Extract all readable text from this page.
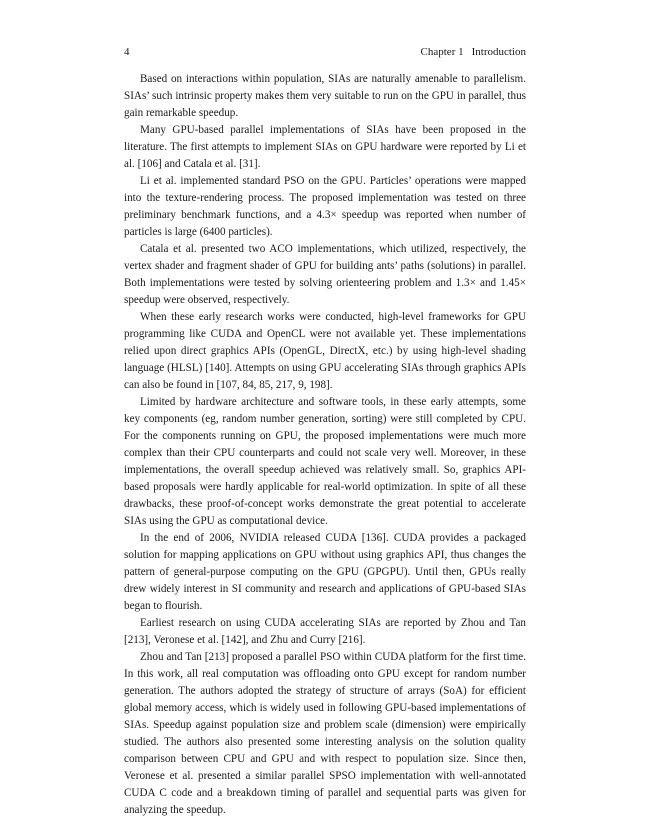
4	Chapter 1 Introduction

Based on interactions within population, SIAs are naturally amenable to parallelism. SIAs’ such intrinsic property makes them very suitable to run on the GPU in parallel, thus gain remarkable speedup.

Many GPU-based parallel implementations of SIAs have been proposed in the literature. The first attempts to implement SIAs on GPU hardware were reported by Li et al. [106] and Catala et al. [31].

Li et al. implemented standard PSO on the GPU. Particles’ operations were mapped into the texture-rendering process. The proposed implementation was tested on three preliminary benchmark functions, and a 4.3× speedup was reported when number of particles is large (6400 particles).

Catala et al. presented two ACO implementations, which utilized, respectively, the vertex shader and fragment shader of GPU for building ants’ paths (solutions) in parallel. Both implementations were tested by solving orienteering problem and 1.3× and 1.45× speedup were observed, respectively.

When these early research works were conducted, high-level frameworks for GPU programming like CUDA and OpenCL were not available yet. These implementations relied upon direct graphics APIs (OpenGL, DirectX, etc.) by using high-level shading language (HLSL) [140]. Attempts on using GPU accelerating SIAs through graphics APIs can also be found in [107, 84, 85, 217, 9, 198].

Limited by hardware architecture and software tools, in these early attempts, some key components (eg, random number generation, sorting) were still completed by CPU. For the components running on GPU, the proposed implementations were much more complex than their CPU counterparts and could not scale very well. Moreover, in these implementations, the overall speedup achieved was relatively small. So, graphics API-based proposals were hardly applicable for real-world optimization. In spite of all these drawbacks, these proof-of-concept works demonstrate the great potential to accelerate SIAs using the GPU as computational device.

In the end of 2006, NVIDIA released CUDA [136]. CUDA provides a packaged solution for mapping applications on GPU without using graphics API, thus changes the pattern of general-purpose computing on the GPU (GPGPU). Until then, GPUs really drew widely interest in SI community and research and applications of GPU-based SIAs began to flourish.

Earliest research on using CUDA accelerating SIAs are reported by Zhou and Tan [213], Veronese et al. [142], and Zhu and Curry [216].

Zhou and Tan [213] proposed a parallel PSO within CUDA platform for the first time. In this work, all real computation was offloading onto GPU except for random number generation. The authors adopted the strategy of structure of arrays (SoA) for efficient global memory access, which is widely used in following GPU-based implementations of SIAs. Speedup against population size and problem scale (dimension) were empirically studied. The authors also presented some interesting analysis on the solution quality comparison between CPU and GPU and with respect to population size. Since then, Veronese et al. presented a similar parallel SPSO implementation with well-annotated CUDA C code and a breakdown timing of parallel and sequential parts was given for analyzing the speedup.
